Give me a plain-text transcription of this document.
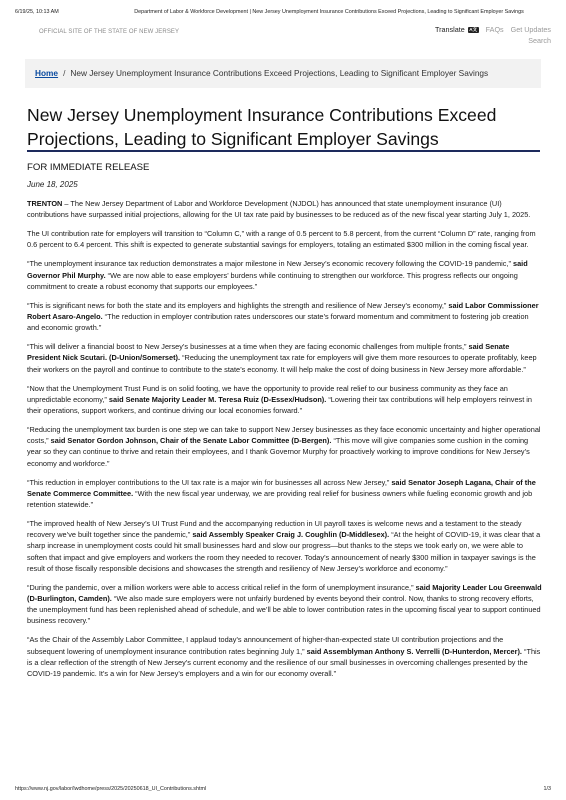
6/19/25, 10:13 AM	Department of Labor & Workforce Development | New Jersey Unemployment Insurance Contributions Exceed Projections, Leading to Significant Employer Savings
OFFICIAL SITE OF THE STATE OF NEW JERSEY	Translate A文 FAQs Get Updates
Search
Home / New Jersey Unemployment Insurance Contributions Exceed Projections, Leading to Significant Employer Savings
New Jersey Unemployment Insurance Contributions Exceed Projections, Leading to Significant Employer Savings
FOR IMMEDIATE RELEASE
June 18, 2025

TRENTON – The New Jersey Department of Labor and Workforce Development (NJDOL) has announced that state unemployment insurance (UI) contributions have surpassed initial projections, allowing for the UI tax rate paid by businesses to be reduced as of the new fiscal year starting July 1, 2025.

The UI contribution rate for employers will transition to “Column C,” with a range of 0.5 percent to 5.8 percent, from the current “Column D” rate, ranging from 0.6 percent to 6.4 percent. This shift is expected to generate substantial savings for employers, totaling an estimated $300 million in the coming fiscal year.

“The unemployment insurance tax reduction demonstrates a major milestone in New Jersey’s economic recovery following the COVID-19 pandemic,” said Governor Phil Murphy. “We are now able to ease employers’ burdens while continuing to strengthen our workforce. This progress reflects our ongoing commitment to create a robust economy that supports our employees.”

“This is significant news for both the state and its employers and highlights the strength and resilience of New Jersey’s economy,” said Labor Commissioner Robert Asaro-Angelo. “The reduction in employer contribution rates underscores our state’s forward momentum and commitment to fostering job creation and economic growth.”

“This will deliver a financial boost to New Jersey’s businesses at a time when they are facing economic challenges from multiple fronts,” said Senate President Nick Scutari. (D-Union/Somerset). “Reducing the unemployment tax rate for employers will give them more resources to operate profitably, keep their workers on the payroll and continue to contribute to the state’s economy. It will help make the cost of doing business in New Jersey more affordable.”

“Now that the Unemployment Trust Fund is on solid footing, we have the opportunity to provide real relief to our business community as they face an unpredictable economy,” said Senate Majority Leader M. Teresa Ruiz (D-Essex/Hudson). “Lowering their tax contributions will help employers reinvest in their operations, support workers, and continue driving our local economies forward.”

“Reducing the unemployment tax burden is one step we can take to support New Jersey businesses as they face economic uncertainty and higher operational costs,” said Senator Gordon Johnson, Chair of the Senate Labor Committee (D-Bergen). “This move will give companies some cushion in the coming year so they can continue to thrive and retain their employees, and I thank Governor Murphy for proactively working to improve conditions for New Jersey’s economy and workforce.”

“This reduction in employer contributions to the UI tax rate is a major win for businesses all across New Jersey,” said Senator Joseph Lagana, Chair of the Senate Commerce Committee. “With the new fiscal year underway, we are providing real relief for business owners while fueling economic growth and job retention statewide.”

“The improved health of New Jersey’s UI Trust Fund and the accompanying reduction in UI payroll taxes is welcome news and a testament to the steady recovery we’ve built together since the pandemic,” said Assembly Speaker Craig J. Coughlin (D-Middlesex). “At the height of COVID-19, it was clear that a sharp increase in unemployment costs could hit small businesses hard and slow our progress—but thanks to the steps we took early on, we were able to soften that impact and give employers and workers the room they needed to recover. Today’s announcement of nearly $300 million in taxpayer savings is the result of those fiscally responsible decisions and showcases the strength and resiliency of New Jersey’s workforce and economy.”

“During the pandemic, over a million workers were able to access critical relief in the form of unemployment insurance,” said Majority Leader Lou Greenwald (D-Burlington, Camden). “We also made sure employers were not unfairly burdened by events beyond their control. Now, thanks to strong recovery efforts, the unemployment fund has been replenished ahead of schedule, and we’ll be able to lower contribution rates in the upcoming fiscal year to support continued business recovery.”

“As the Chair of the Assembly Labor Committee, I applaud today’s announcement of higher-than-expected state UI contribution projections and the subsequent lowering of unemployment insurance contribution rates beginning July 1,” said Assemblyman Anthony S. Verrelli (D-Hunterdon, Mercer). “This is a clear reflection of the strength of New Jersey’s current economy and the resilience of our small businesses in overcoming challenges presented by the COVID-19 pandemic. It’s a win for New Jersey’s employers and a win for our economy overall.”

https://www.nj.gov/labor/lwdhome/press/2025/20250618_UI_Contributions.shtml	1/3
